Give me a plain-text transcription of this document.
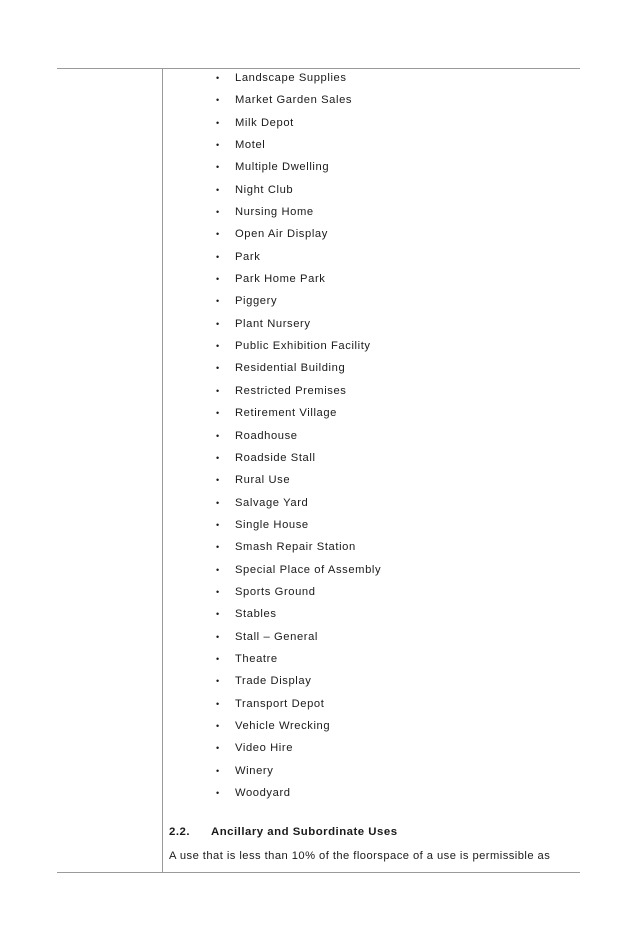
• Landscape Supplies
• Market Garden Sales
• Milk Depot
• Motel
• Multiple Dwelling
• Night Club
• Nursing Home
• Open Air Display
• Park
• Park Home Park
• Piggery
• Plant Nursery
• Public Exhibition Facility
• Residential Building
• Restricted Premises
• Retirement Village
• Roadhouse
• Roadside Stall
• Rural Use
• Salvage Yard
• Single House
• Smash Repair Station
• Special Place of Assembly
• Sports Ground
• Stables
• Stall – General
• Theatre
• Trade Display
• Transport Depot
• Vehicle Wrecking
• Video Hire
• Winery
• Woodyard
2.2. Ancillary and Subordinate Uses

A use that is less than 10% of the floorspace of a use is permissible as
